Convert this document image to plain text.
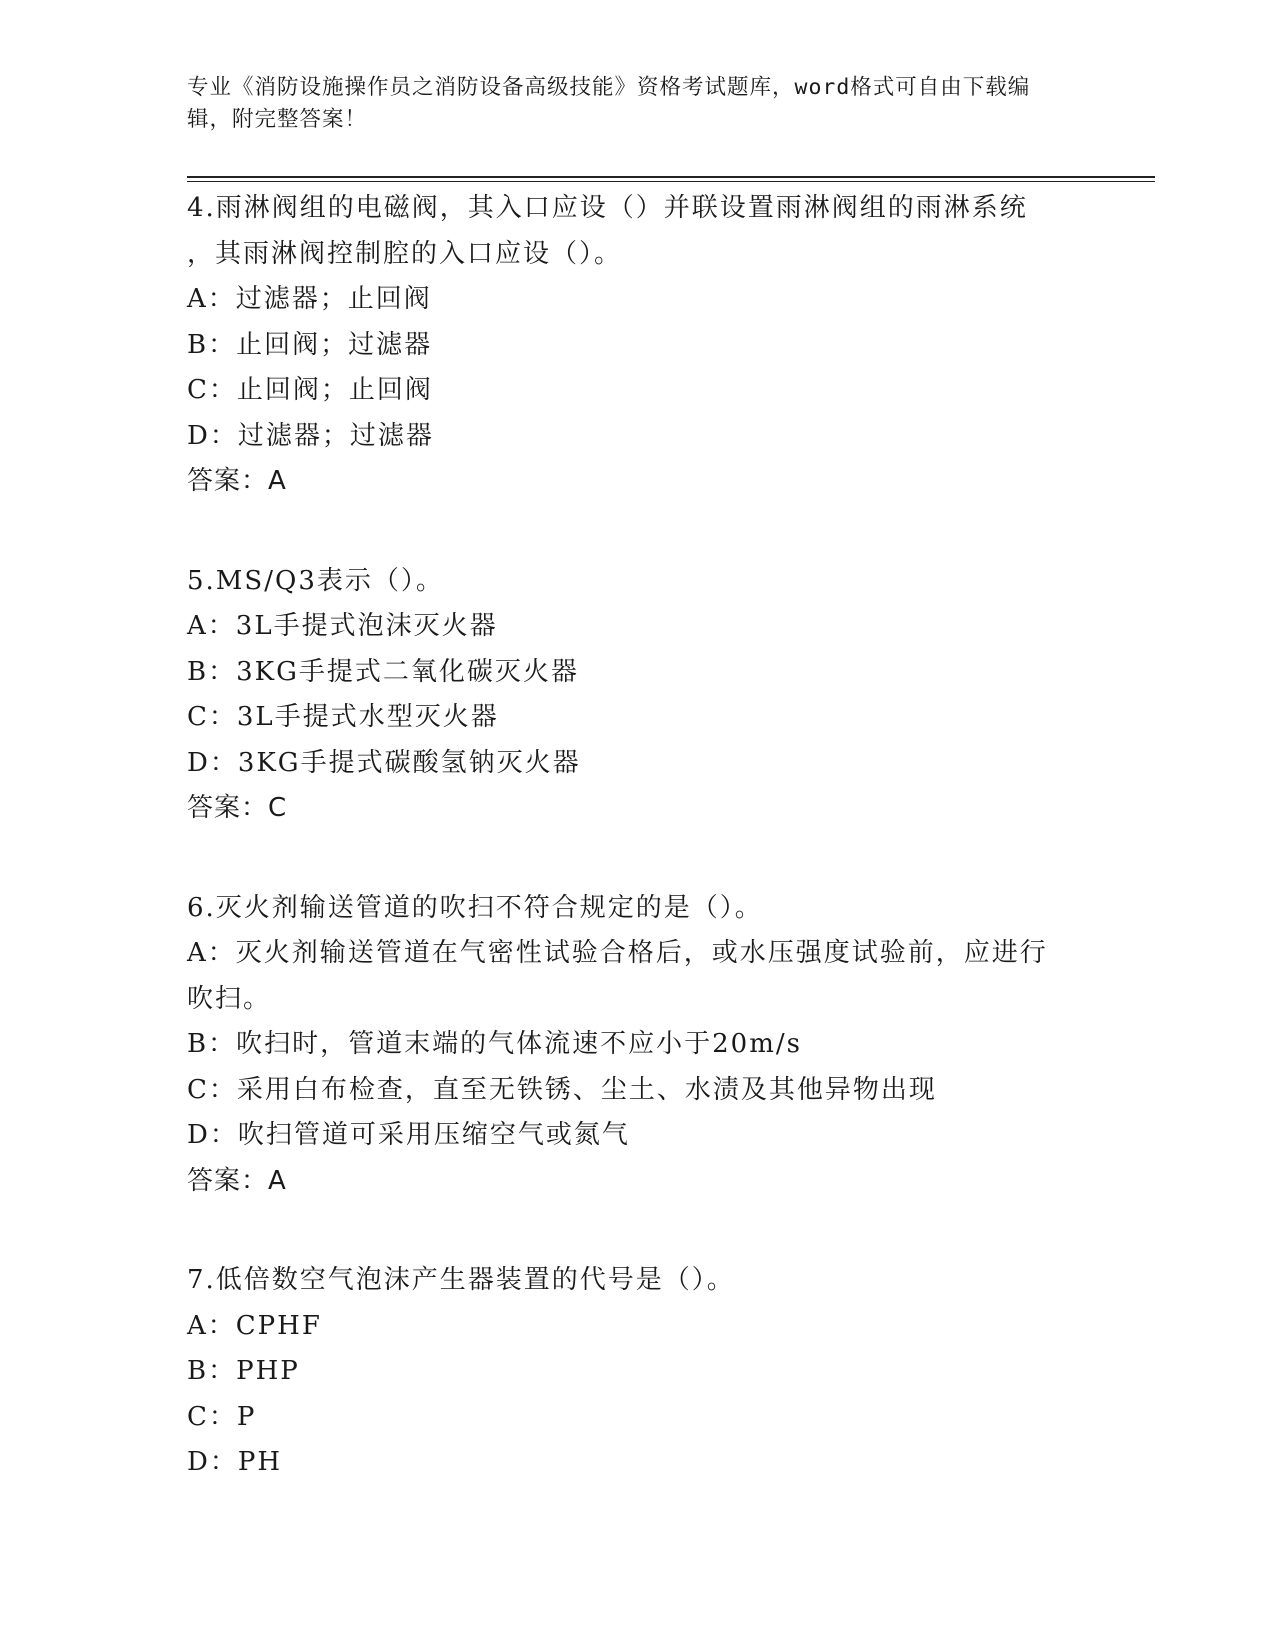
专业《消防设施操作员之消防设备高级技能》资格考试题库，word格式可自由下载编辑，附完整答案！
4.雨淋阀组的电磁阀，其入口应设（）并联设置雨淋阀组的雨淋系统
，其雨淋阀控制腔的入口应设（）。
A：过滤器；止回阀
B：止回阀；过滤器
C：止回阀；止回阀
D：过滤器；过滤器
答案：A
5.MS/Q3表示（）。
A：3L手提式泡沫灭火器
B：3KG手提式二氧化碳灭火器
C：3L手提式水型灭火器
D：3KG手提式碳酸氢钠灭火器
答案：C
6.灭火剂输送管道的吹扫不符合规定的是（）。
A：灭火剂输送管道在气密性试验合格后，或水压强度试验前，应进行
吹扫。
B：吹扫时，管道末端的气体流速不应小于20m/s
C：采用白布检查，直至无铁锈、尘土、水渍及其他异物出现
D：吹扫管道可采用压缩空气或氮气
答案：A
7.低倍数空气泡沫产生器装置的代号是（）。
A：CPHF
B：PHP
C：P
D：PH
